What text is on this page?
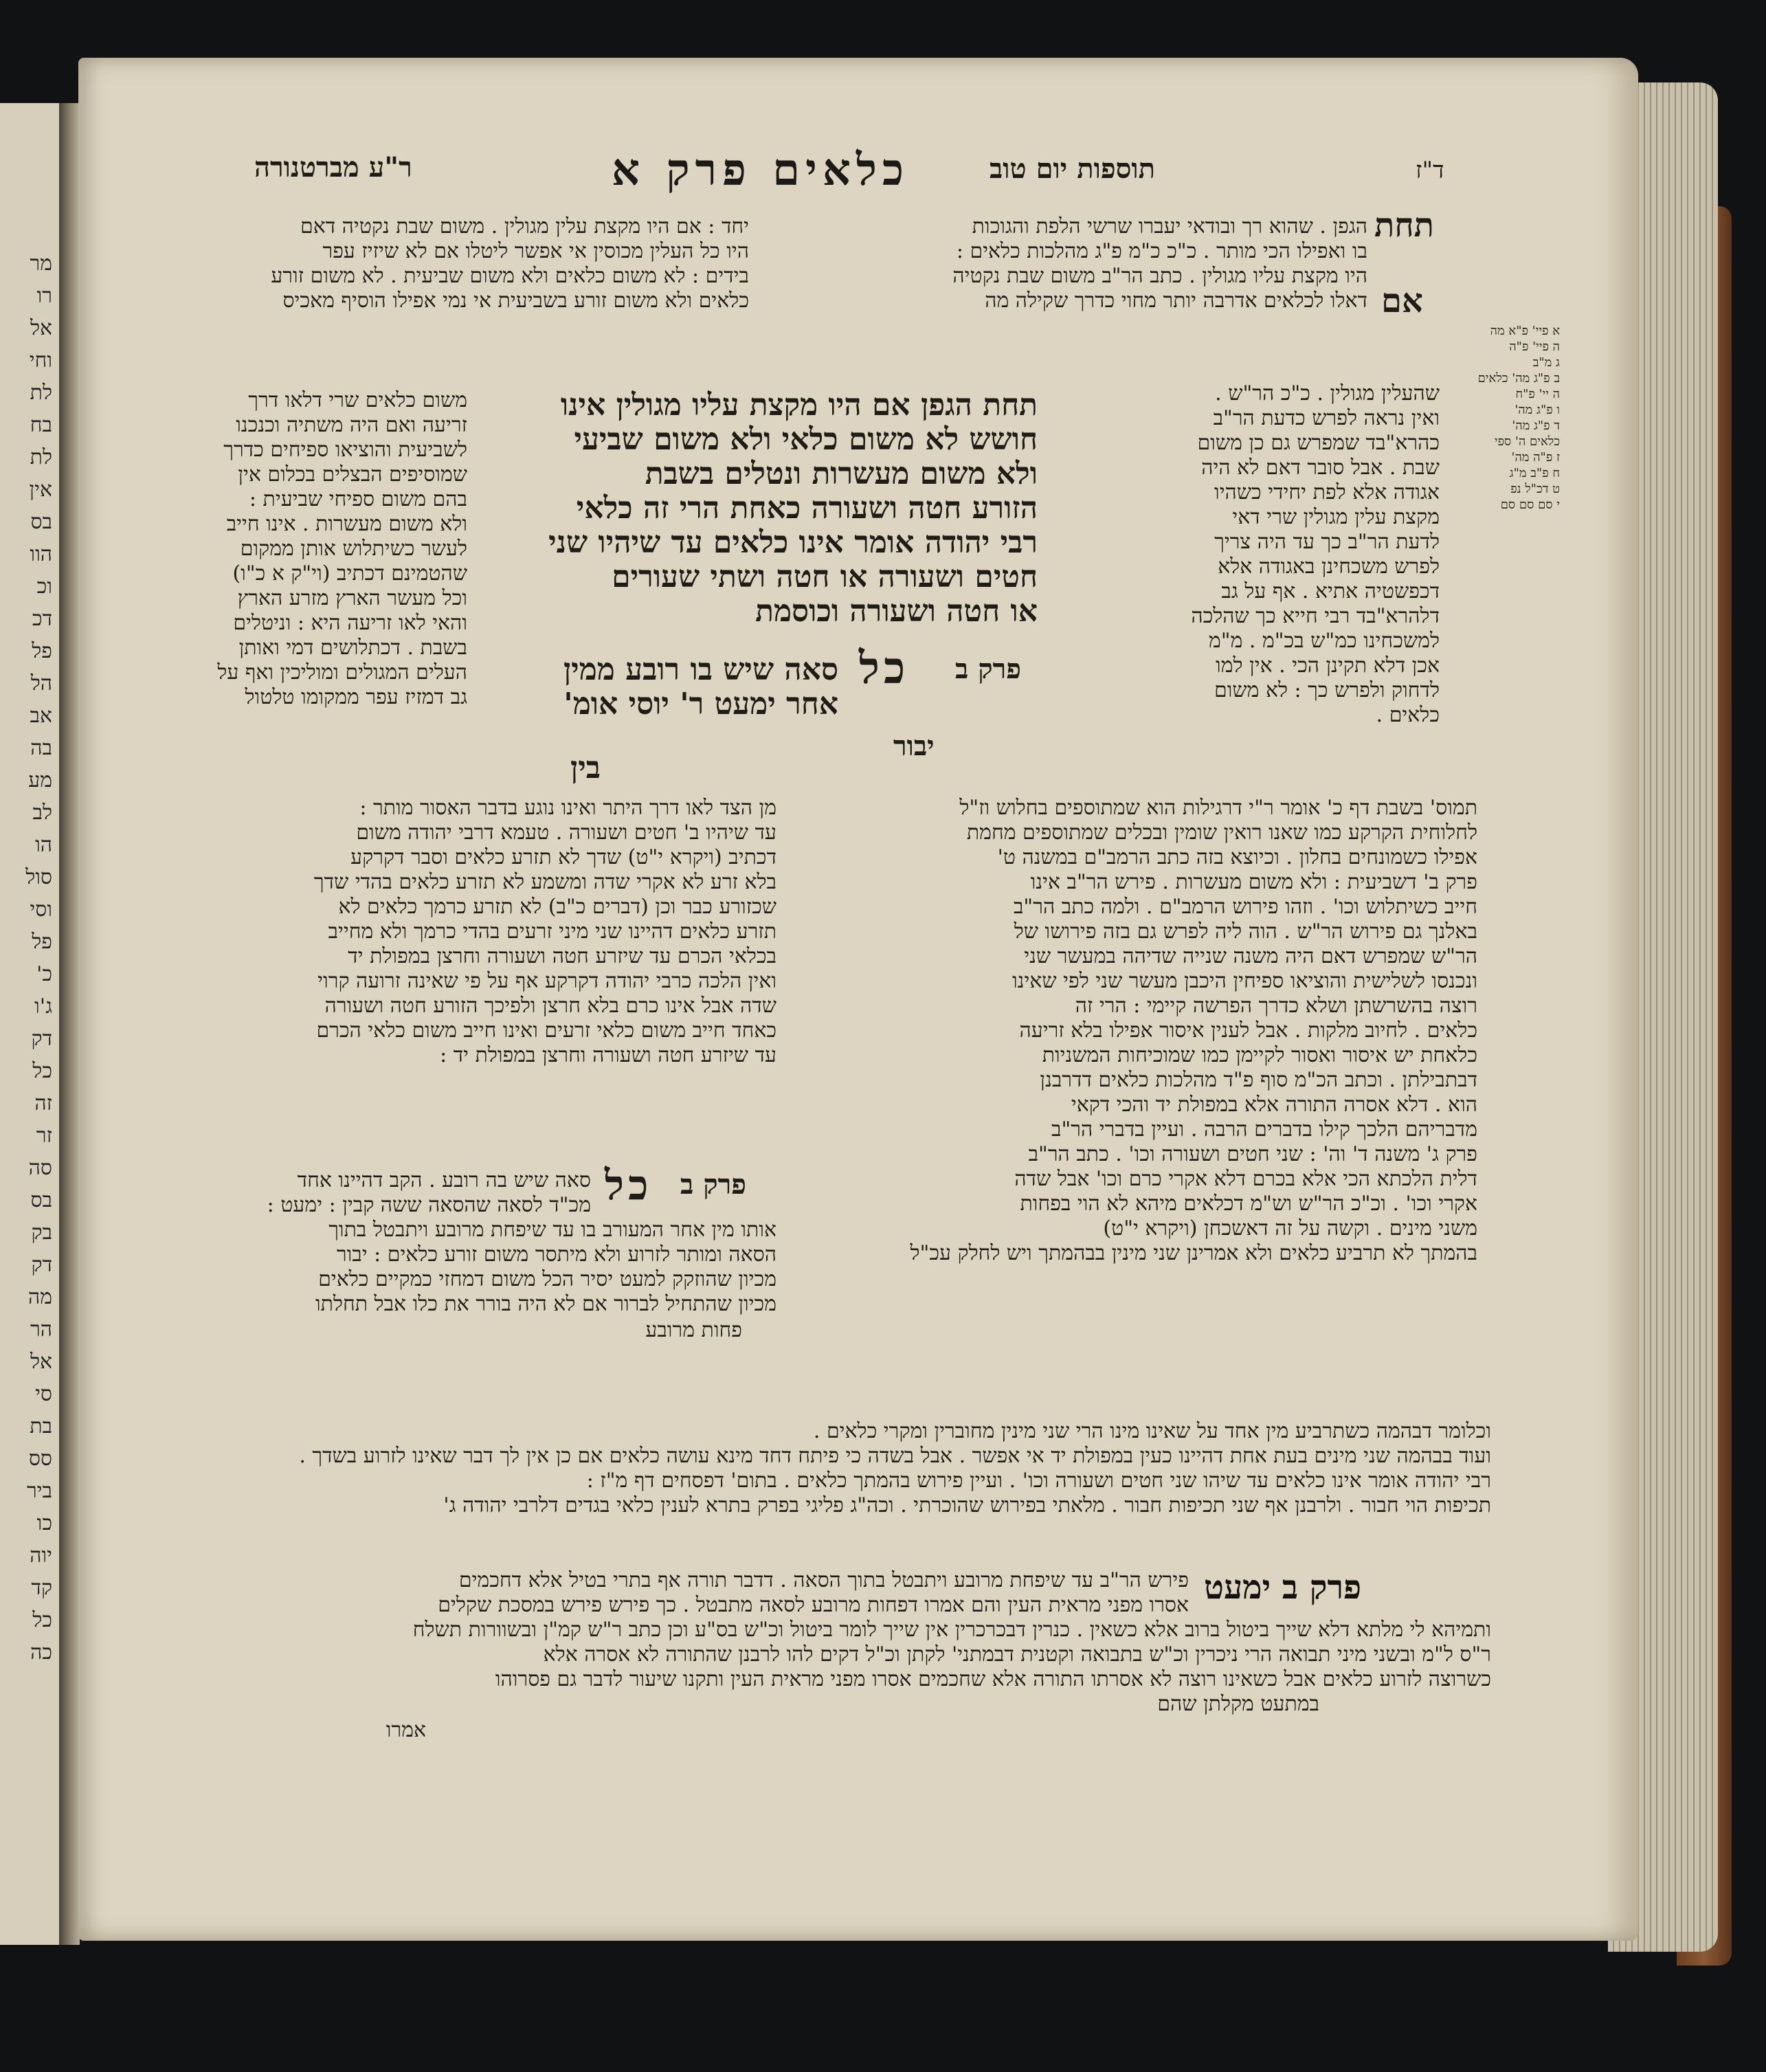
מר
רו
אל
וחי
לת
בח
לת
אין
בס
הוו
וכ
דכ
פל
הל
אב
בה
מע
לב
הו
סול
וסי
פל
כ'
ג'ו
דק
כל
זה
זר
סה
בס
בק
דק
מה
הר
אל
סי
בת
סס
ביר
כו
יוה
קד
כל
כה
ר"ע מברטנורה	כלאים פרק א	תוספות יום טוב	ד"ז
תחת
אם
הגפן . שהוא רך ובודאי יעברו שרשי הלפת והגוכות
בו ואפילו הכי מותר . כ"כ כ"מ פ"ג מהלכות כלאים :
היו מקצת עליו מגולין . כתב הר"ב משום שבת נקטיה
דאלו לכלאים אדרבה יותר מחוי כדרך שקילה מה
יחד : אם היו מקצת עלין מגולין . משום שבת נקטיה דאם
היו כל העלין מכוסין אי אפשר ליטלו אם לא שיזיז עפר
בידים : לא משום כלאים ולא משום שביעית . לא משום זורע
כלאים ולא משום זורע בשביעית אי נמי אפילו הוסיף מאכיס
א פיי' פ"א מה
ה פיי' פ"ה
ג מ"ב
ב פ"ג מה' כלאים
ה יי' פ"ח
ו פ"ג מה'
ד פ"ג מה'
כלאים ה' ספי
ז פ"ה מה'
ח פ"ב מ"ג
ט דכ"ל נפ
י סם סם סם
שהעלין מגולין . כ"כ הר"ש .
ואין נראה לפרש כדעת הר"ב
כהרא"בד שמפרש גם כן משום
שבת . אבל סובר דאם לא היה
אגודה אלא לפת יחידי כשהיו
מקצת עלין מגולין שרי דאי
לדעת הר"ב כך עד היה צריך
לפרש משכחינן באגודה אלא
דכפשטיה אתיא . אף על גב
דלהרא"בד רבי חייא כך שהלכה
למשכחינו כמ"ש בכ"מ . מ"מ
אכן דלא תקינן הכי . אין למו
לדחוק ולפרש כך : לא משום
כלאים .
תחת הגפן אם היו מקצת עליו מגולין אינו
חושש לא משום כלאי ולא משום שביעי
ולא משום מעשרות ונטלים בשבת
הזורע חטה ושעורה כאחת הרי זה כלאי
רבי יהודה אומר אינו כלאים עד שיהיו שני
חטים ושעורה או חטה ושתי שעורים
או חטה ושעורה וכוסמת
פרק ב
כל
סאה שיש בו רובע ממין
אחר ימעט ר' יוסי אומ'
יבור
בין
משום כלאים שרי דלאו דרך
זריעה ואם היה משתיה וכנכנו
לשביעית והוציאו ספיחים כדרך
שמוסיפים הבצלים בכלום אין
בהם משום ספיחי שביעית :
ולא משום מעשרות . אינו חייב
לעשר כשיתלוש אותן ממקום
שהטמינם דכתיב (וי"ק א כ"ו)
וכל מעשר הארץ מזרע הארץ
והאי לאו זריעה היא : וניטלים
בשבת . דכתלושים דמי ואותן
העלים המגולים ומוליכין ואף על
גב דמזיז עפר ממקומו טלטול
מן הצד לאו דרך היתר ואינו נוגע בדבר האסור מותר :
עד שיהיו ב' חטים ושעורה . טעמא דרבי יהודה משום
דכתיב (ויקרא י"ט) שדך לא תזרע כלאים וסבר דקרקע
בלא זרע לא אקרי שדה ומשמע לא תזרע כלאים בהדי שדך
שכזורע כבר וכן (דברים כ"ב) לא תזרע כרמך כלאים לא
תזרע כלאים דהיינו שני מיני זרעים בהדי כרמך ולא מחייב
בכלאי הכרם עד שיזרע חטה ושעורה וחרצן במפולת יד
ואין הלכה כרבי יהודה דקרקע אף על פי שאינה זרועה קרוי
שדה אבל אינו כרם בלא חרצן ולפיכך הזורע חטה ושעורה
כאחד חייב משום כלאי זרעים ואינו חייב משום כלאי הכרם
עד שיזרע חטה ושעורה וחרצן במפולת יד :
פרק ב
כל
סאה שיש בה רובע . הקב דהיינו אחד
מכ"ד לסאה שהסאה ששה קבין : ימעט :
אותו מין אחר המעורב בו עד שיפחת מרובע ויתבטל בתוך
הסאה ומותר לזרוע ולא מיתסר משום זורע כלאים : יבור
מכיון שהוזקק למעט יסיר הכל משום דמחזי כמקיים כלאים
מכיון שהתחיל לברור אם לא היה בורר את כלו אבל תחלתו
פחות מרובע
תמוס' בשבת דף כ' אומר ר"י דרגילות הוא שמתוספים בחלוש וז"ל
לחלוחית הקרקע כמו שאנו רואין שומין ובכלים שמתוספים מחמת
אפילו כשמונחים בחלון . וכיוצא בזה כתב הרמב"ם במשנה ט'
פרק ב' דשביעית : ולא משום מעשרות . פירש הר"ב אינו
חייב כשיתלוש וכו' . וזהו פירוש הרמב"ם . ולמה כתב הר"ב
באלנך גם פירוש הר"ש . הוה ליה לפרש גם בזה פירושו של
הר"ש שמפרש דאם היה משנה שנייה שדיהה במעשר שני
ונכנסו לשלישית והוציאו ספיחין היכבן מעשר שני לפי שאינו
רוצה בהשרשתן ושלא כדרך הפרשה קיימי : הרי זה
כלאים . לחיוב מלקות . אבל לענין איסור אפילו בלא זריעה
כלאחת יש איסור ואסור לקיימן כמו שמוכיחות המשניות
דבתבילתן . וכתב הכ"מ סוף פ"ד מהלכות כלאים דדרבנן
הוא . דלא אסרה התורה אלא במפולת יד והכי דקאי
מדבריהם הלכך קילו בדברים הרבה . ועיין בדברי הר"ב
פרק ג' משנה ד' וה' : שני חטים ושעורה וכו' . כתב הר"ב
דלית הלכתא הכי אלא בכרם דלא אקרי כרם וכו' אבל שדה
אקרי וכו' . וכ"כ הר"ש וש"מ דכלאים מיהא לא הוי בפחות
משני מינים . וקשה על זה דאשכחן (ויקרא י"ט)
בהמתך לא תרביע כלאים ולא אמרינן שני מינין בבהמתך ויש לחלק עכ"ל
וכלומר דבהמה כשתרביע מין אחד על שאינו מינו הרי שני מינין מחוברין ומקרי כלאים .
ועוד בבהמה שני מינים בעת אחת דהיינו כעין במפולת יד אי אפשר . אבל בשדה כי פיתח דחד מינא עושה כלאים אם כן אין לך דבר שאינו לזרוע בשדך .
רבי יהודה אומר אינו כלאים עד שיהו שני חטים ושעורה וכו' . ועיין פירוש בהמתך כלאים . בתום' דפסחים דף מ"ז :
תכיפות הוי חבור . ולרבנן אף שני תכיפות חבור . מלאתי בפירוש שהוכרתי . וכה"ג פליגי בפרק בתרא לענין כלאי בגדים דלרבי יהודה ג'
פרק ב ימעט
פירש הר"ב עד שיפחת מרובע ויתבטל בתוך הסאה . דדבר תורה אף בתרי בטיל אלא דחכמים
אסרו מפני מראית העין והם אמרו דפחות מרובע לסאה מתבטל . כך פירש פירש במסכת שקלים
ותמיהא לי מלתא דלא שייך ביטול ברוב אלא כשאין . כנרין דבכרכרין אין שייך לומר ביטול וכ"ש בס"ע וכן כתב ר"ש קמ"ן ובשוורות תשלח
ר"ס ל"מ ובשני מיני תבואה הרי ניכרין וכ"ש בתבואה וקטנית דבמתני' לקתן וכ"ל דקים להו לרבנן שהתורה לא אסרה אלא
כשרוצה לזרוע כלאים אבל כשאינו רוצה לא אסרתו התורה אלא שחכמים אסרו מפני מראית העין ותקנו שיעור לדבר גם פסרוהו
במתעט מקלתן שהם
אמרו
